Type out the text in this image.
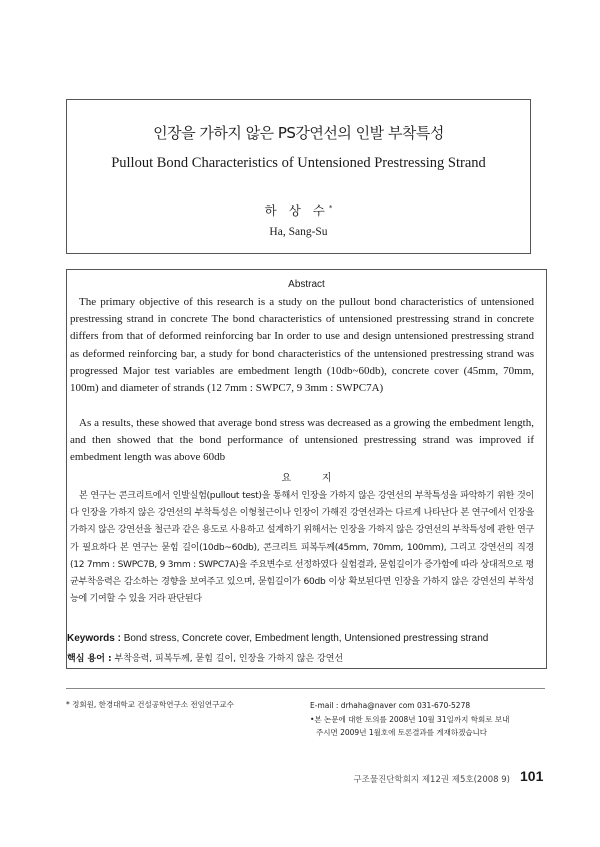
인장을 가하지 않은 PS강연선의 인발 부착특성
Pullout Bond Characteristics of Untensioned Prestressing Strand
하 상 수*
Ha, Sang-Su
Abstract

The primary objective of this research is a study on the pullout bond characteristics of untensioned prestressing strand in concrete The bond characteristics of untensioned prestressing strand in concrete differs from that of deformed reinforcing bar In order to use and design untensioned prestressing strand as deformed reinforcing bar, a study for bond characteristics of the untensioned prestressing strand was progressed Major test variables are embedment length (10db~60db), concrete cover (45mm, 70mm, 100m) and diameter of strands (12 7mm : SWPC7, 9 3mm : SWPC7A)

As a results, these showed that average bond stress was decreased as a growing the embedment length, and then showed that the bond performance of untensioned prestressing strand was improved if embedment length was above 60db

요 지

본 연구는 콘크리트에서 인발실험(pullout test)을 통해서 인장을 가하지 않은 강연선의 부착특성을 파악하기 위한 것이다 인장을 가하지 않은 강연선의 부착특성은 이형철근이나 인장이 가해진 강연선과는 다르게 나타난다 본 연구에서 인장을 가하지 않은 강연선을 철근과 같은 용도로 사용하고 설계하기 위해서는 인장을 가하지 않은 강연선의 부착특성에 관한 연구가 필요하다 본 연구는 묻힘 길이(10db~60db), 콘크리트 피복두께(45mm, 70mm, 100mm), 그리고 강연선의 직경(12 7mm : SWPC7B, 9 3mm : SWPC7A)을 주요변수로 선정하였다 실험결과, 묻힘길이가 증가함에 따라 상대적으로 평균부착응력은 감소하는 경향을 보여주고 있으며, 묻힘길이가 60db 이상 확보된다면 인장을 가하지 않은 강연선의 부착성능에 기여할 수 있을 거라 판단된다

Keywords : Bond stress, Concrete cover, Embedment length, Untensioned prestressing strand
핵심 용어 : 부착응력, 피복두께, 묻힘 길이, 인장을 가하지 않은 강연선
* 정회원, 한경대학교 건설공학연구소 전임연구교수	E-mail : drhaha@naver com 031-670-5278
•본 논문에 대한 토의를 2008년 10월 31일까지 학회로 보내
주시면 2009년 1월호에 토론결과를 게재하겠습니다
구조물진단학회지 제12권 제5호(2008 9) 101
